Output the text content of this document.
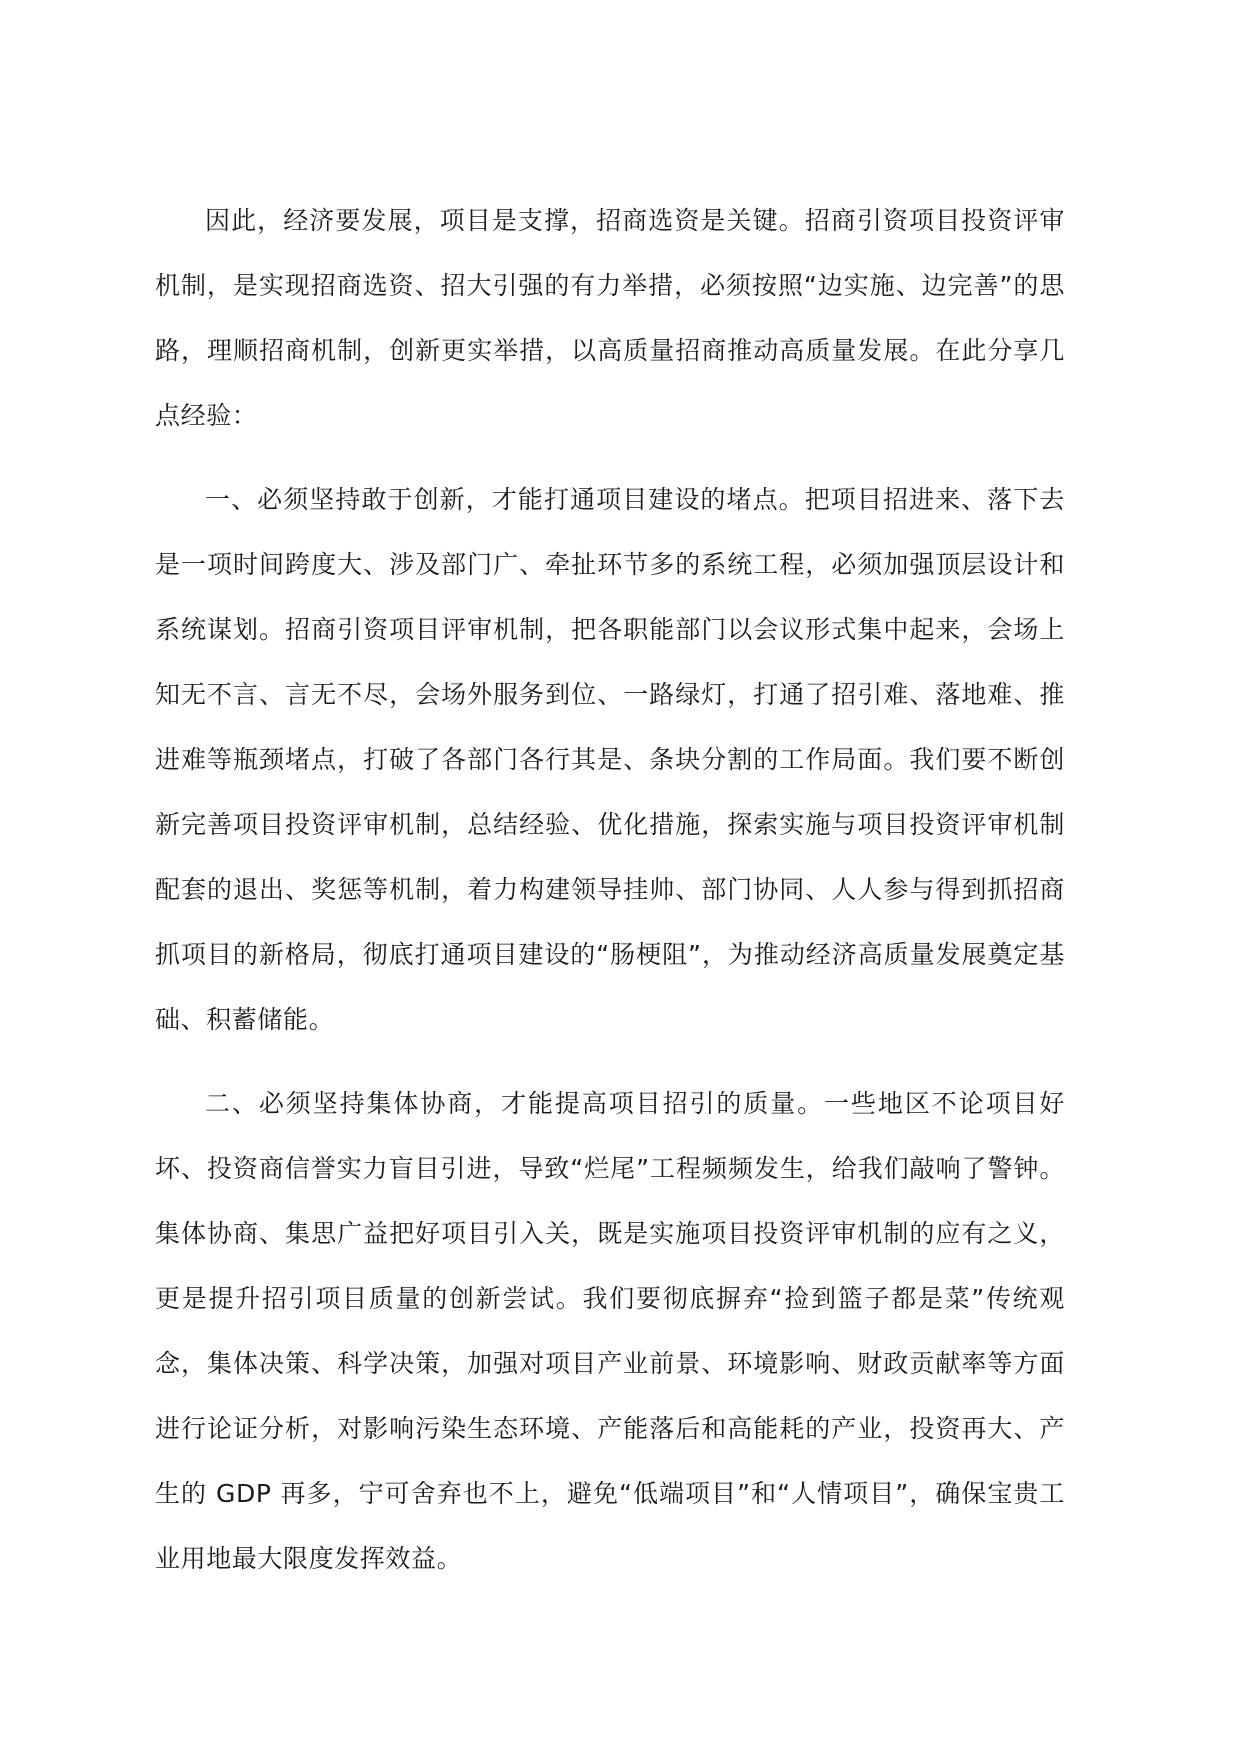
因此，经济要发展，项目是支撑，招商选资是关键。招商引资项目投资评审机制，是实现招商选资、招大引强的有力举措，必须按照“边实施、边完善”的思路，理顺招商机制，创新更实举措，以高质量招商推动高质量发展。在此分享几点经验：

一、必须坚持敢于创新，才能打通项目建设的堵点。把项目招进来、落下去是一项时间跨度大、涉及部门广、牵扯环节多的系统工程，必须加强顶层设计和系统谋划。招商引资项目评审机制，把各职能部门以会议形式集中起来，会场上知无不言、言无不尽，会场外服务到位、一路绿灯，打通了招引难、落地难、推进难等瓶颈堵点，打破了各部门各行其是、条块分割的工作局面。我们要不断创新完善项目投资评审机制，总结经验、优化措施，探索实施与项目投资评审机制配套的退出、奖惩等机制，着力构建领导挂帅、部门协同、人人参与得到抓招商抓项目的新格局，彻底打通项目建设的“肠梗阻”，为推动经济高质量发展奠定基础、积蓄储能。

二、必须坚持集体协商，才能提高项目招引的质量。一些地区不论项目好坏、投资商信誉实力盲目引进，导致“烂尾”工程频频发生，给我们敲响了警钟。集体协商、集思广益把好项目引入关，既是实施项目投资评审机制的应有之义，更是提升招引项目质量的创新尝试。我们要彻底摒弃“捡到篮子都是菜”传统观念，集体决策、科学决策，加强对项目产业前景、环境影响、财政贡献率等方面进行论证分析，对影响污染生态环境、产能落后和高能耗的产业，投资再大、产生的 GDP 再多，宁可舍弃也不上，避免“低端项目”和“人情项目”，确保宝贵工业用地最大限度发挥效益。
